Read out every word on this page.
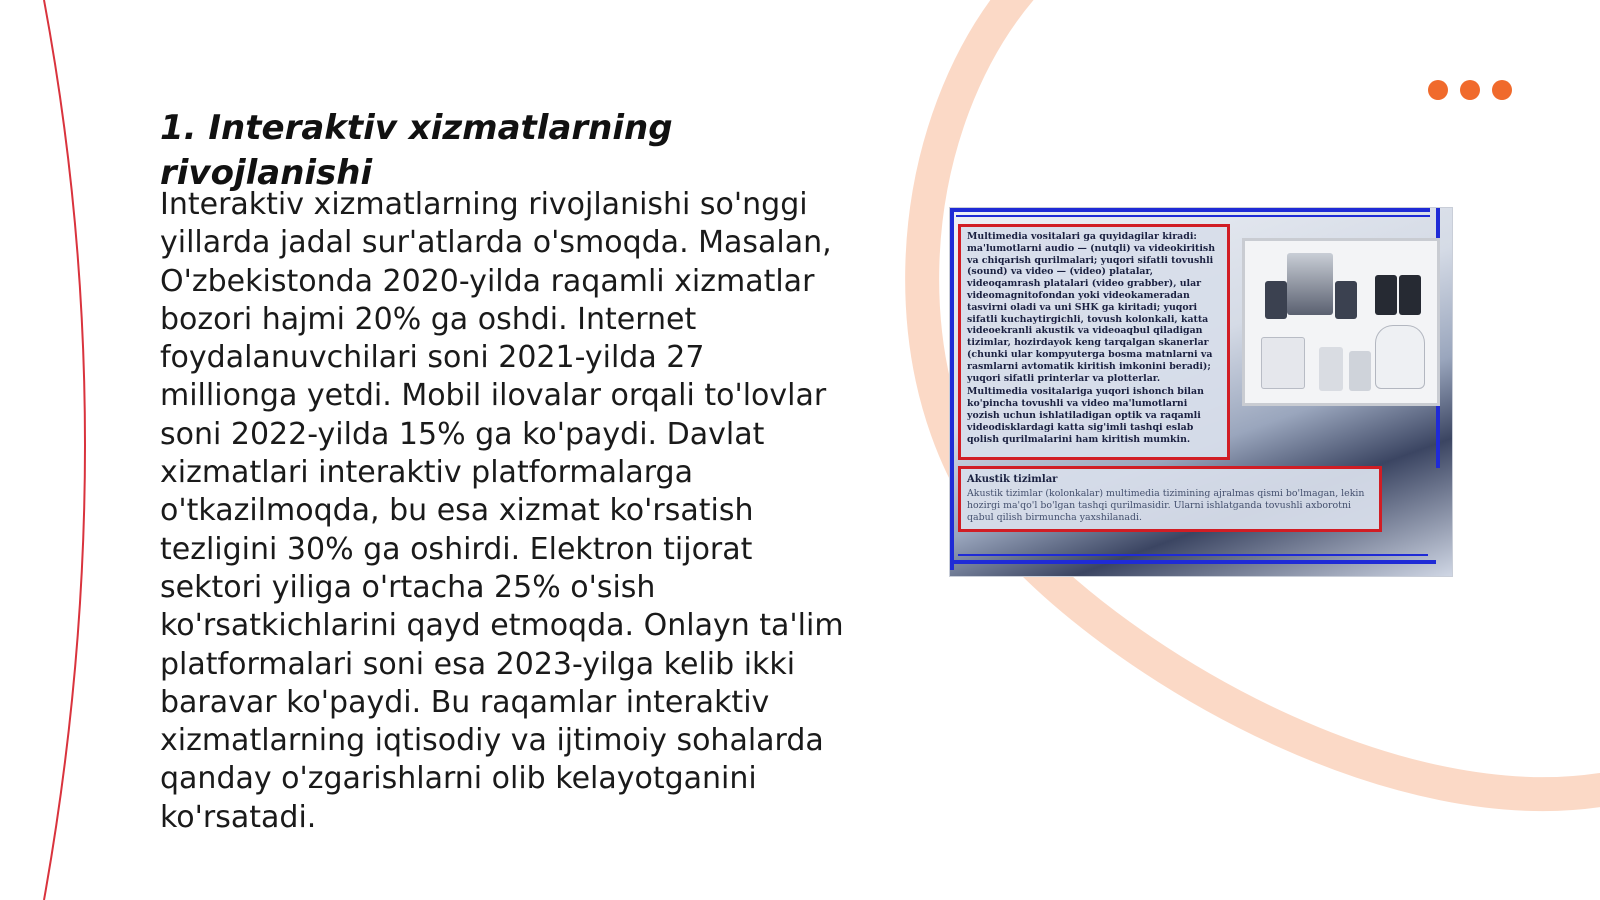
1. Interaktiv xizmatlarning rivojlanishi

Interaktiv xizmatlarning rivojlanishi so'nggi yillarda jadal sur'atlarda o'smoqda. Masalan, O'zbekistonda 2020-yilda raqamli xizmatlar bozori hajmi 20% ga oshdi. Internet foydalanuvchilari soni 2021-yilda 27 millionga yetdi. Mobil ilovalar orqali to'lovlar soni 2022-yilda 15% ga ko'paydi. Davlat xizmatlari interaktiv platformalarga o'tkazilmoqda, bu esa xizmat ko'rsatish tezligini 30% ga oshirdi. Elektron tijorat sektori yiliga o'rtacha 25% o'sish ko'rsatkichlarini qayd etmoqda. Onlayn ta'lim platformalari soni esa 2023-yilga kelib ikki baravar ko'paydi. Bu raqamlar interaktiv xizmatlarning iqtisodiy va ijtimoiy sohalarda qanday o'zgarishlarni olib kelayotganini ko'rsatadi.

Multimedia vositalari ga quyidagilar kiradi: ma'lumotlarni audio — (nutqli) va videokiritish va chiqarish qurilmalari; yuqori sifatli tovushli (sound) va video — (video) platalar, videoqamrash platalari (video grabber), ular videomagnitofondan yoki videokameradan tasvirni oladi va uni SHK ga kiritadi; yuqori sifatli kuchaytirgichli, tovush kolonkali, katta videoekranli akustik va videoaqbul qiladigan tizimlar, hozirdayok keng tarqalgan skanerlar (chunki ular kompyuterga bosma matnlarni va rasmlarni avtomatik kiritish imkonini beradi); yuqori sifatli printerlar va plotterlar.

Multimedia vositalariga yuqori ishonch bilan ko'pincha tovushli va video ma'lumotlarni yozish uchun ishlatiladigan optik va raqamli videodisklardagi katta sig'imli tashqi eslab qolish qurilmalarini ham kiritish mumkin.

Akustik tizimlar

Akustik tizimlar (kolonkalar) multimedia tizimining ajralmas qismi bo'lmagan, lekin hozirgi ma'qo'l bo'lgan tashqi qurilmasidir. Ularni ishlatganda tovushli axborotni qabul qilish birmuncha yaxshilanadi.
